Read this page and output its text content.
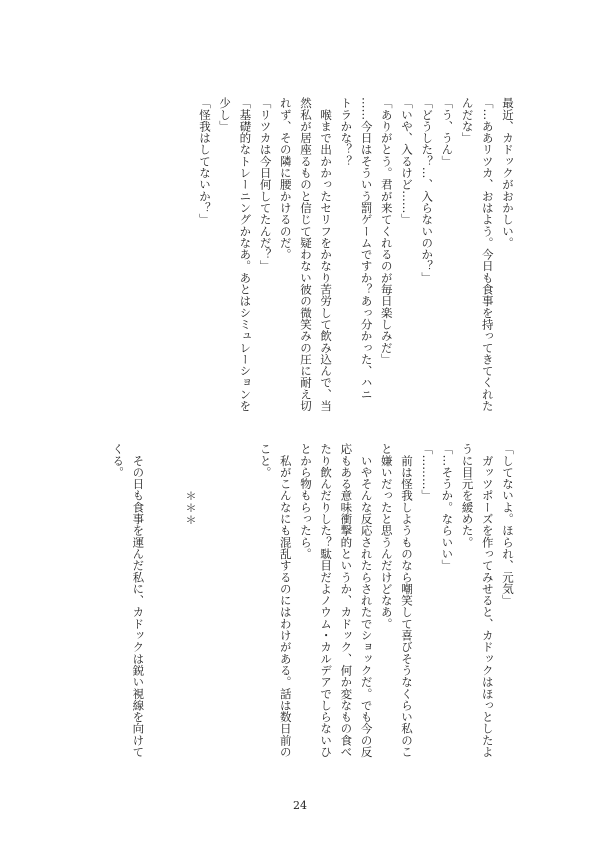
最近、カドックがおかしい。

「…ああリツカ、おはよう。今日も食事を持ってきてくれた

んだな」

「う、うん」

「どうした？…、入らないのか？」

「いや、入るけど……」

「ありがとう。君が来てくれるのが毎日楽しみだ」

……今日はそういう罰ゲームですか？あっ分かった、ハニ

トラかな？？

　喉まで出かかったセリフをかなり苦労して飲み込んで、当

然私が居座るものと信じて疑わない彼の微笑みの圧に耐え切

れず、その隣に腰かけるのだ。

「リツカは今日何してたんだ？」

「基礎的なトレーニングかなあ。あとはシミュレーションを

少し」

「怪我はしてないか？」

「してないよ。ほられ、元気」

　ガッツポーズを作ってみせると、カドックはほっとしたよ

うに目元を緩めた。

「…そうか。ならいい」

「………」

　前は怪我しようものなら嘲笑して喜びそうなくらい私のこ

と嫌いだったと思うんだけどなあ。

　いやそんな反応されたらされたでショックだ。でも今の反

応もある意味衝撃的というか、カドック、何か変なもの食べ

たり飲んだりした？駄目だよノウム・カルデアでしらないひ

とから物もらったら。

　私がこんなにも混乱するのにはわけがある。話は数日前の

こと。

＊＊＊

　その日も食事を運んだ私に、カドックは鋭い視線を向けて

くる。

24
